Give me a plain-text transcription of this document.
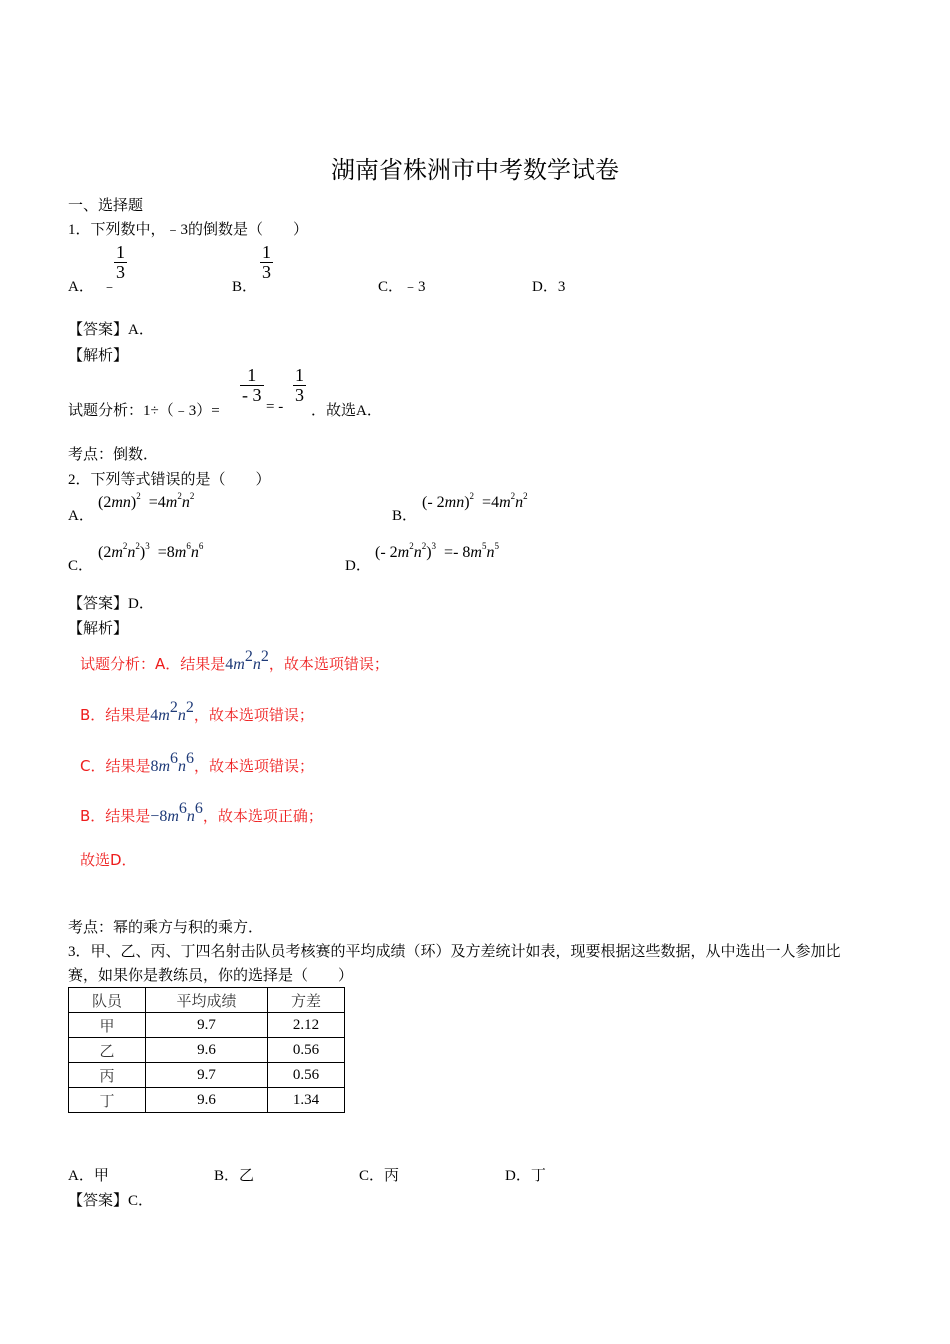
湖南省株洲市中考数学试卷
一、选择题
1．下列数中，﹣3的倒数是（　　）
A． ﹣
$\frac{1}{3}$
B．
$\frac{1}{3}$
C．﹣3	D．3
【答案】A．
【解析】
试题分析：1÷（﹣3）=
$\frac{1}{- 3}$
= -
$\frac{1}{3}$
．故选A．
考点：倒数．
2．下列等式错误的是（　　）
A．
$(2mn)^2 =4m^2n^2$
B．
(- $2mn)^2 =4m^2n^2$
C．
$(2m^2n^2)^3 =8m^6n^6$
D．
(- $2m^2n^2)^3 =- 8m^5n^5$
【答案】D．
【解析】
试题分析：A．结果是$4m^2n^2$，故本选项错误；
B．结果是$4m^2n^2$，故本选项错误；
C．结果是$8m^6n^6$，故本选项错误；
B．结果是$-8m^6n^6$，故本选项正确；
故选D．
考点：幂的乘方与积的乘方．
3．甲、乙、丙、丁四名射击队员考核赛的平均成绩（环）及方差统计如表，现要根据这些数据，从中选出一人参加比
赛，如果你是教练员，你的选择是（　　）
队员	平均成绩	方差
甲	9.7	2.12
乙	9.6	0.56
丙	9.7	0.56
丁	9.6	1.34
A．甲	B．乙	C．丙	D．丁
【答案】C．
